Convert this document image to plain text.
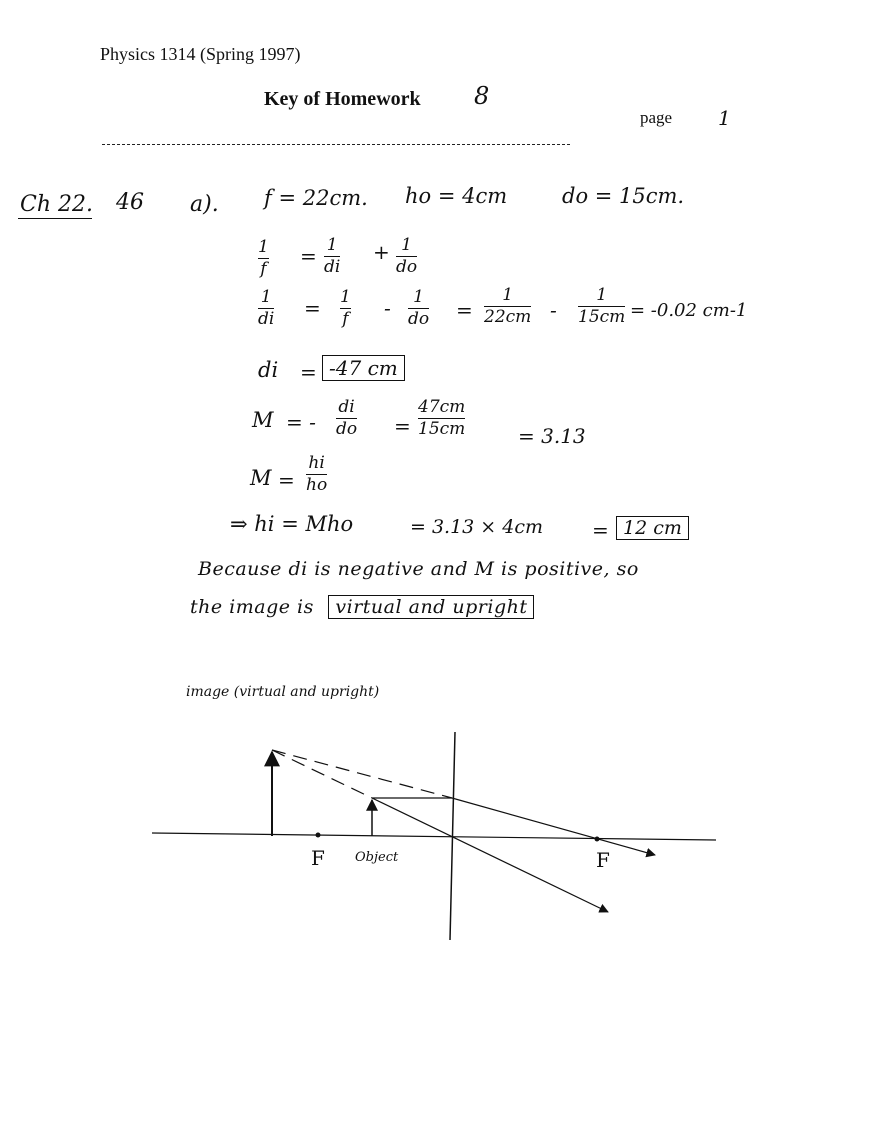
Physics 1314 (Spring 1997)
Key of Homework 8
page 1
Ch 22. 46 a). f = 22cm. ho = 4cm	do = 15cm.
1
f
= 1
di
+ 1
do
1
di = 1
f - 1
do =
1
22cm -
1
15cm = -0.02 cm-1
di = -47 cm
M = -
di
do =
47cm
15cm	= 3.13
M =
hi
ho
⇒ hi = Mho	= 3.13 × 4cm = 12 cm
Because di is negative and M is positive, so
the image is virtual and upright
image (virtual and upright)
F	F
Object
